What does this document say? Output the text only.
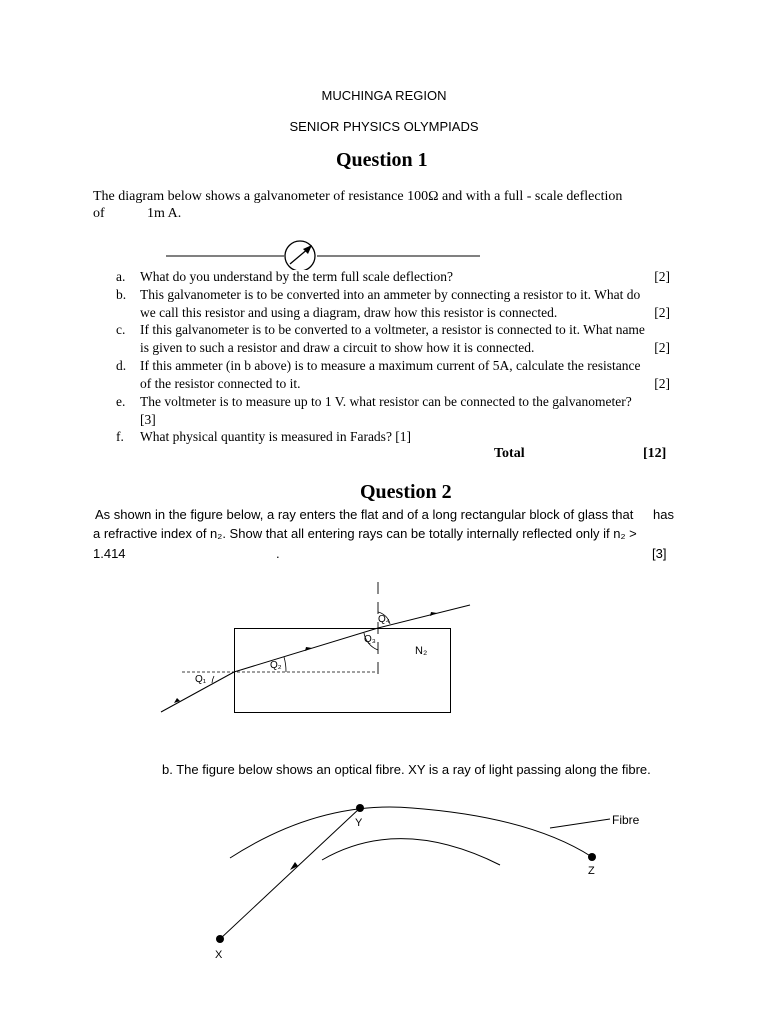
MUCHINGA REGION
SENIOR PHYSICS OLYMPIADS
Question 1
The diagram below shows a galvanometer of resistance 100Ω and with a full - scale deflection
of	1m A.
a. What do you understand by the term full scale deflection?	[2]
b. This galvanometer is to be converted into an ammeter by connecting a resistor to it. What do
we call this resistor and using a diagram, draw how this resistor is connected.	[2]
c. If this galvanometer is to be converted to a voltmeter, a resistor is connected to it. What name
is given to such a resistor and draw a circuit to show how it is connected.	[2]
d. If this ammeter (in b above) is to measure a maximum current of 5A, calculate the resistance
of the resistor connected to it.	[2]
e. The voltmeter is to measure up to 1 V. what resistor can be connected to the galvanometer?
[3]
f. What physical quantity is measured in Farads? [1]
Total	[12]
Question 2
As shown in the figure below, a ray enters the flat and of a long rectangular block of glass that has
a refractive index of n₂. Show that all entering rays can be totally internally reflected only if n₂ >
1.414	.	[3]
Q₁
Q₂
Q₃
Q₄
N₂
b. The figure below shows an optical fibre. XY is a ray of light passing along the fibre.
Fibre
Y
Z
X
